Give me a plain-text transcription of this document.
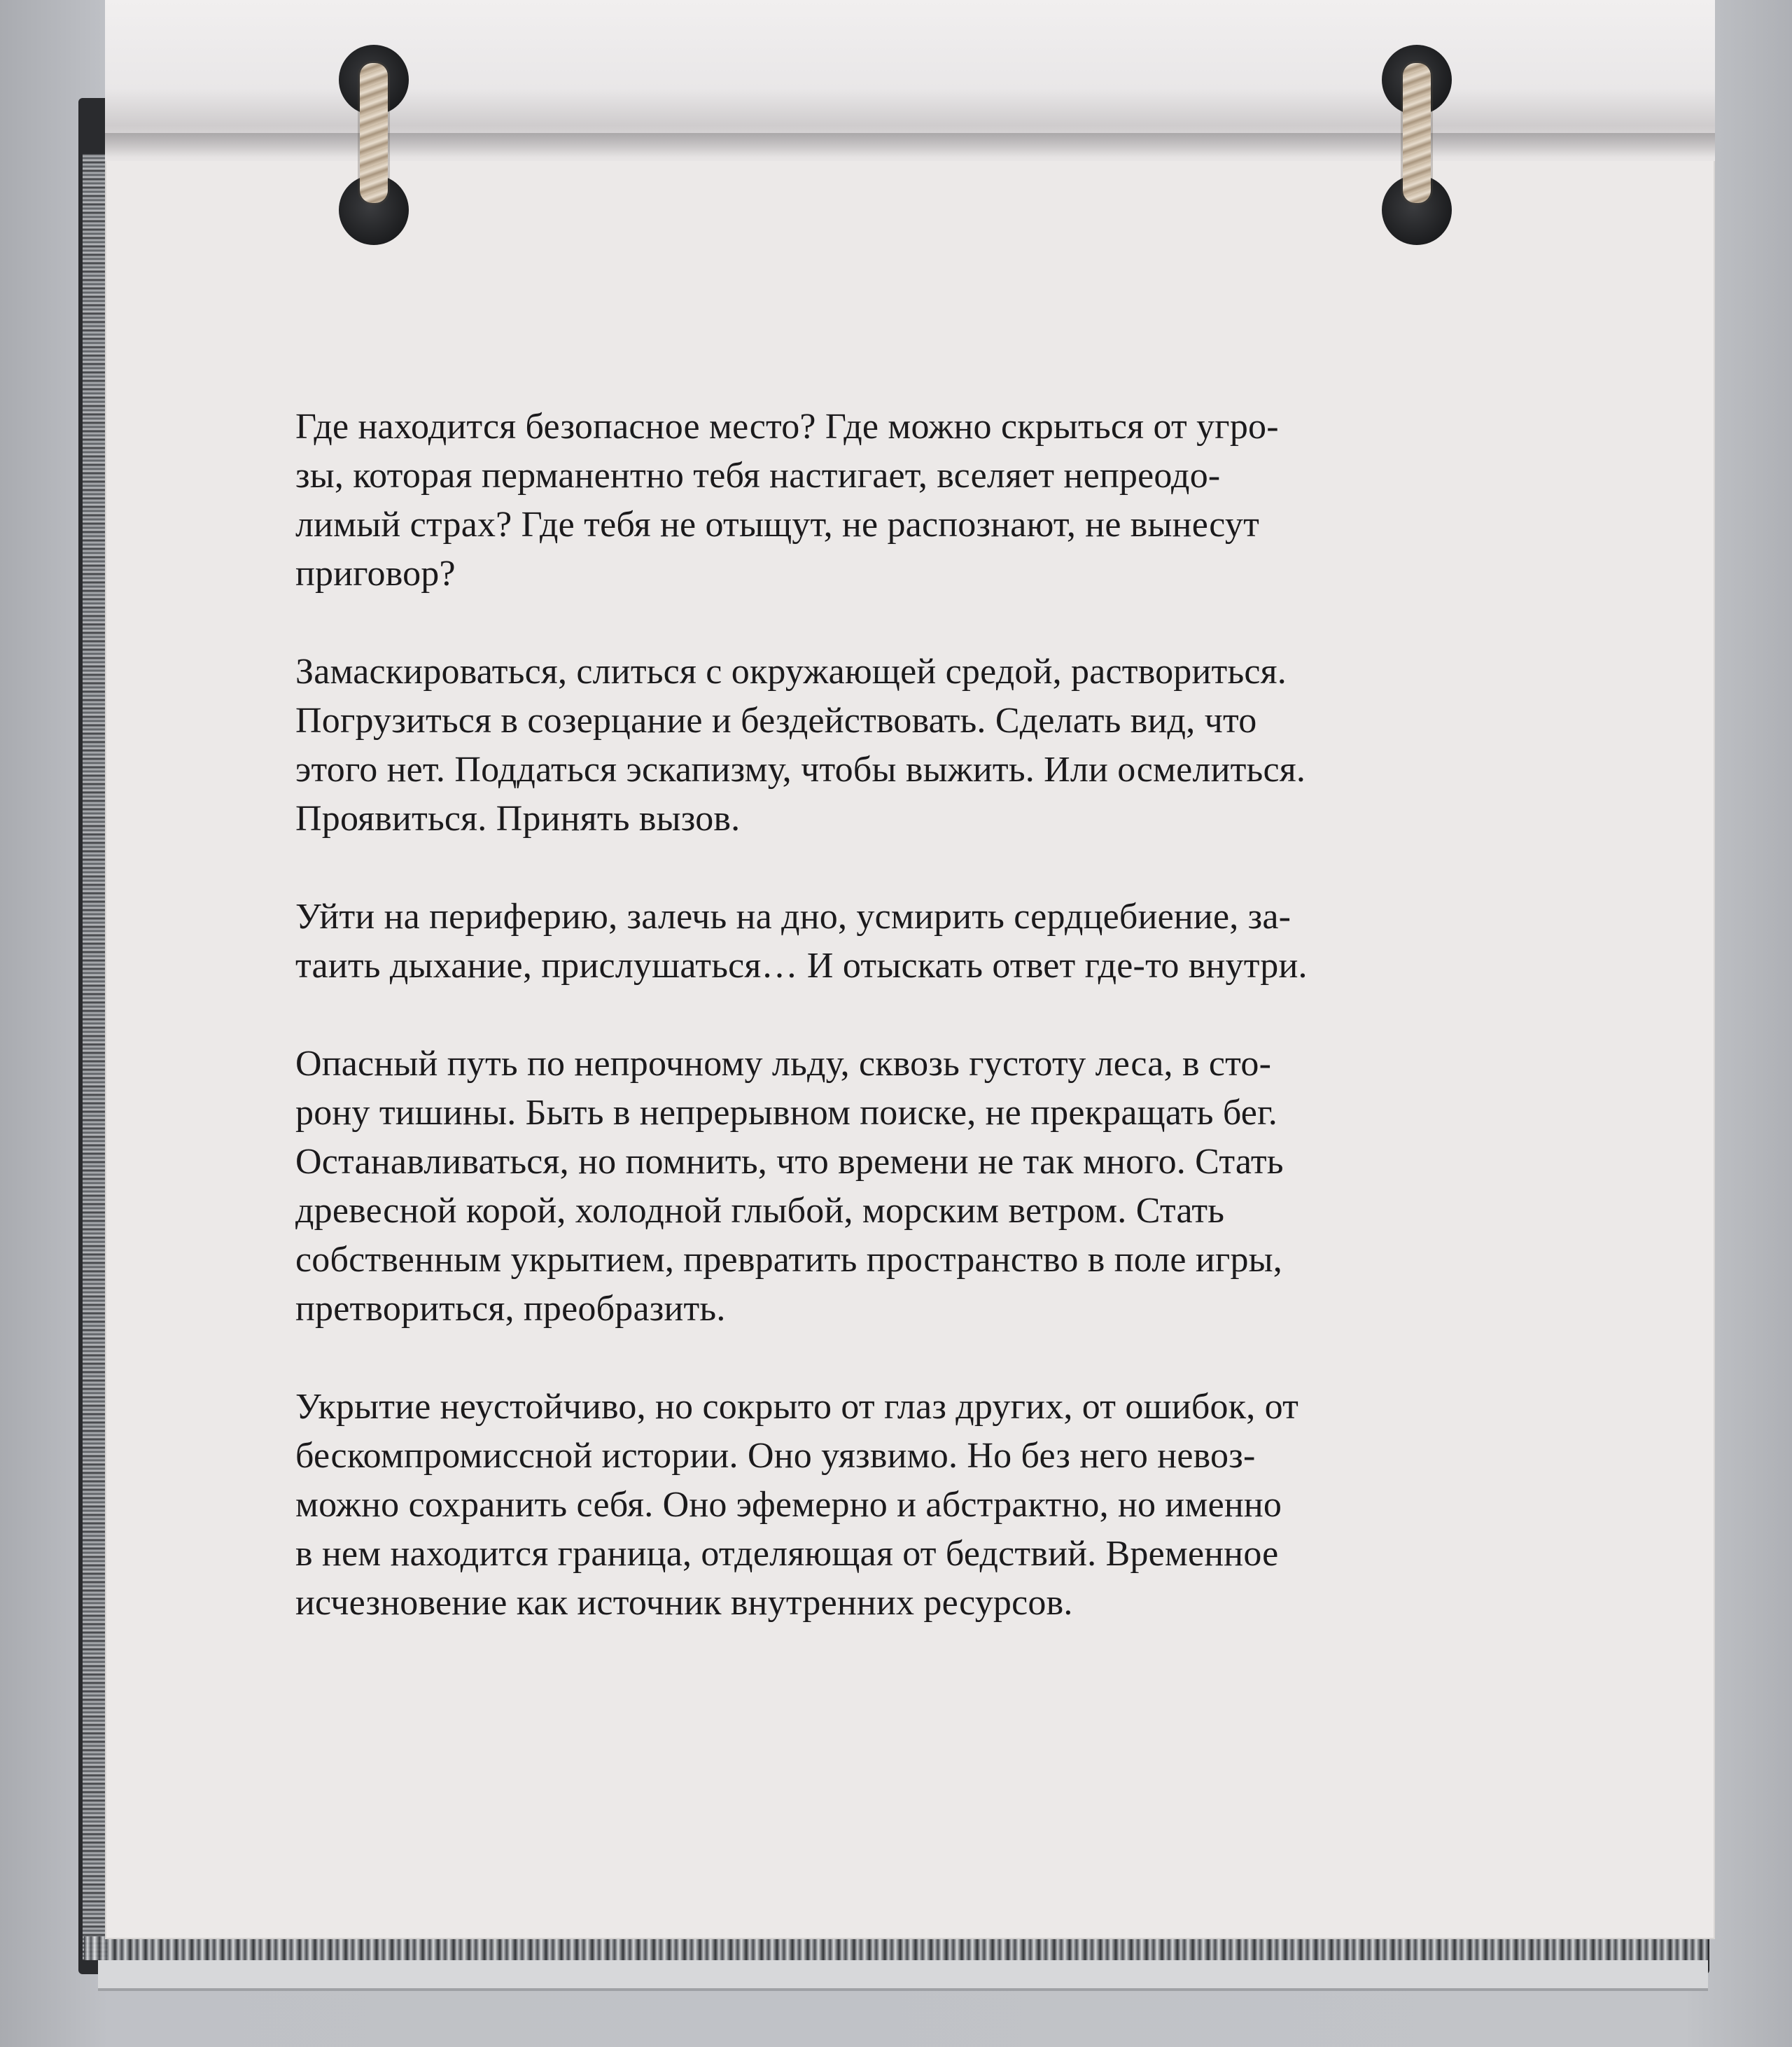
Где находится безопасное место? Где можно скрыться от угро-
зы, которая перманентно тебя настигает, вселяет непреодо-
лимый страх? Где тебя не отыщут, не распознают, не вынесут
приговор?

Замаскироваться, слиться с окружающей средой, раствориться.
Погрузиться в созерцание и бездействовать. Сделать вид, что
этого нет. Поддаться эскапизму, чтобы выжить. Или осмелиться.
Проявиться. Принять вызов.

Уйти на периферию, залечь на дно, усмирить сердцебиение, за-
таить дыхание, прислушаться… И отыскать ответ где-то внутри.

Опасный путь по непрочному льду, сквозь густоту леса, в сто-
рону тишины. Быть в непрерывном поиске, не прекращать бег.
Останавливаться, но помнить, что времени не так много. Стать
древесной корой, холодной глыбой, морским ветром. Стать
собственным укрытием, превратить пространство в поле игры,
претвориться, преобразить.

Укрытие неустойчиво, но сокрыто от глаз других, от ошибок, от
бескомпромиссной истории. Оно уязвимо. Но без него невоз-
можно сохранить себя. Оно эфемерно и абстрактно, но именно
в нем находится граница, отделяющая от бедствий. Временное
исчезновение как источник внутренних ресурсов.
